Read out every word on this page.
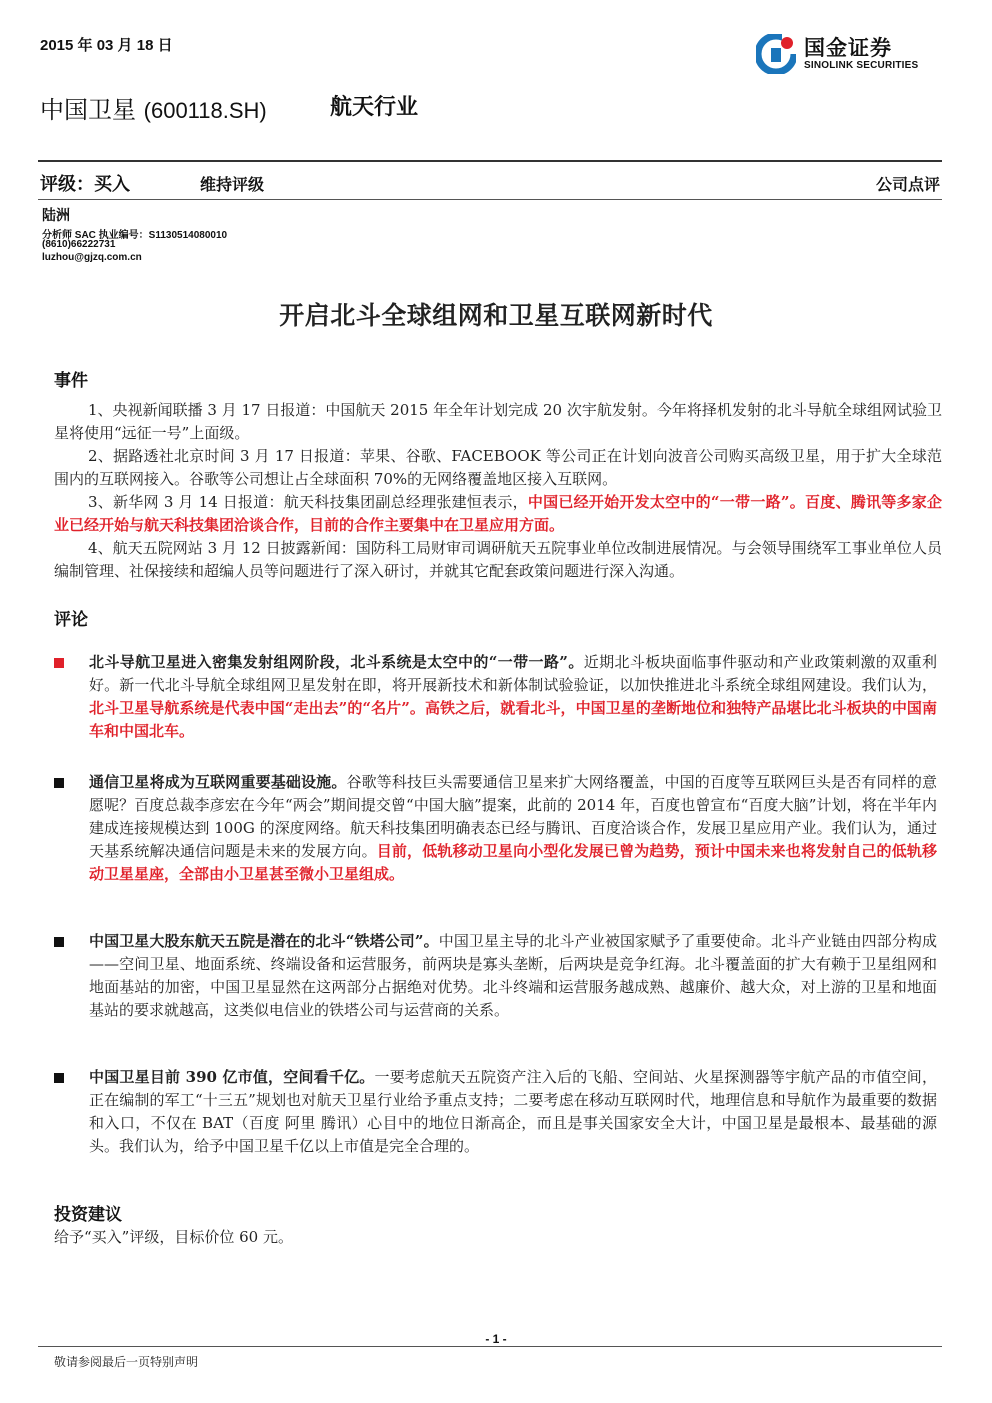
2015 年 03 月 18 日	国金证券
SINOLINK SECURITIES
中国卫星 (600118.SH)	航天行业
评级：买入	维持评级	公司点评
陆洲
分析师 SAC 执业编号：S1130514080010
(8610)66222731
luzhou@gjzq.com.cn
开启北斗全球组网和卫星互联网新时代
事件
1、央视新闻联播 3 月 17 日报道：中国航天 2015 年全年计划完成 20 次宇航发射。今年将择机发射的北斗导航全球组网试验卫星将使用“远征一号”上面级。
2、据路透社北京时间 3 月 17 日报道：苹果、谷歌、FACEBOOK 等公司正在计划向波音公司购买高级卫星，用于扩大全球范围内的互联网接入。谷歌等公司想让占全球面积 70%的无网络覆盖地区接入互联网。
3、新华网 3 月 14 日报道：航天科技集团副总经理张建恒表示，中国已经开始开发太空中的“一带一路”。百度、腾讯等多家企业已经开始与航天科技集团洽谈合作，目前的合作主要集中在卫星应用方面。
4、航天五院网站 3 月 12 日披露新闻：国防科工局财审司调研航天五院事业单位改制进展情况。与会领导围绕军工事业单位人员编制管理、社保接续和超编人员等问题进行了深入研讨，并就其它配套政策问题进行深入沟通。
评论
北斗导航卫星进入密集发射组网阶段，北斗系统是太空中的“一带一路”。近期北斗板块面临事件驱动和产业政策刺激的双重利好。新一代北斗导航全球组网卫星发射在即，将开展新技术和新体制试验验证，以加快推进北斗系统全球组网建设。我们认为，北斗卫星导航系统是代表中国“走出去”的“名片”。高铁之后，就看北斗，中国卫星的垄断地位和独特产品堪比北斗板块的中国南车和中国北车。
通信卫星将成为互联网重要基础设施。谷歌等科技巨头需要通信卫星来扩大网络覆盖，中国的百度等互联网巨头是否有同样的意愿呢？百度总裁李彦宏在今年“两会”期间提交曾“中国大脑”提案，此前的 2014 年，百度也曾宣布“百度大脑”计划，将在半年内建成连接规模达到 100G 的深度网络。航天科技集团明确表态已经与腾讯、百度洽谈合作，发展卫星应用产业。我们认为，通过天基系统解决通信问题是未来的发展方向。目前，低轨移动卫星向小型化发展已曾为趋势，预计中国未来也将发射自己的低轨移动卫星星座，全部由小卫星甚至微小卫星组成。
中国卫星大股东航天五院是潜在的北斗“铁塔公司”。中国卫星主导的北斗产业被国家赋予了重要使命。北斗产业链由四部分构成——空间卫星、地面系统、终端设备和运营服务，前两块是寡头垄断，后两块是竞争红海。北斗覆盖面的扩大有赖于卫星组网和地面基站的加密，中国卫星显然在这两部分占据绝对优势。北斗终端和运营服务越成熟、越廉价、越大众，对上游的卫星和地面基站的要求就越高，这类似电信业的铁塔公司与运营商的关系。
中国卫星目前 390 亿市值，空间看千亿。一要考虑航天五院资产注入后的飞船、空间站、火星探测器等宇航产品的市值空间，正在编制的军工“十三五”规划也对航天卫星行业给予重点支持；二要考虑在移动互联网时代，地理信息和导航作为最重要的数据和入口，不仅在 BAT（百度 阿里 腾讯）心目中的地位日渐高企，而且是事关国家安全大计，中国卫星是最根本、最基础的源头。我们认为，给予中国卫星千亿以上市值是完全合理的。
投资建议
给予“买入”评级，目标价位 60 元。
- 1 -
敬请参阅最后一页特别声明
